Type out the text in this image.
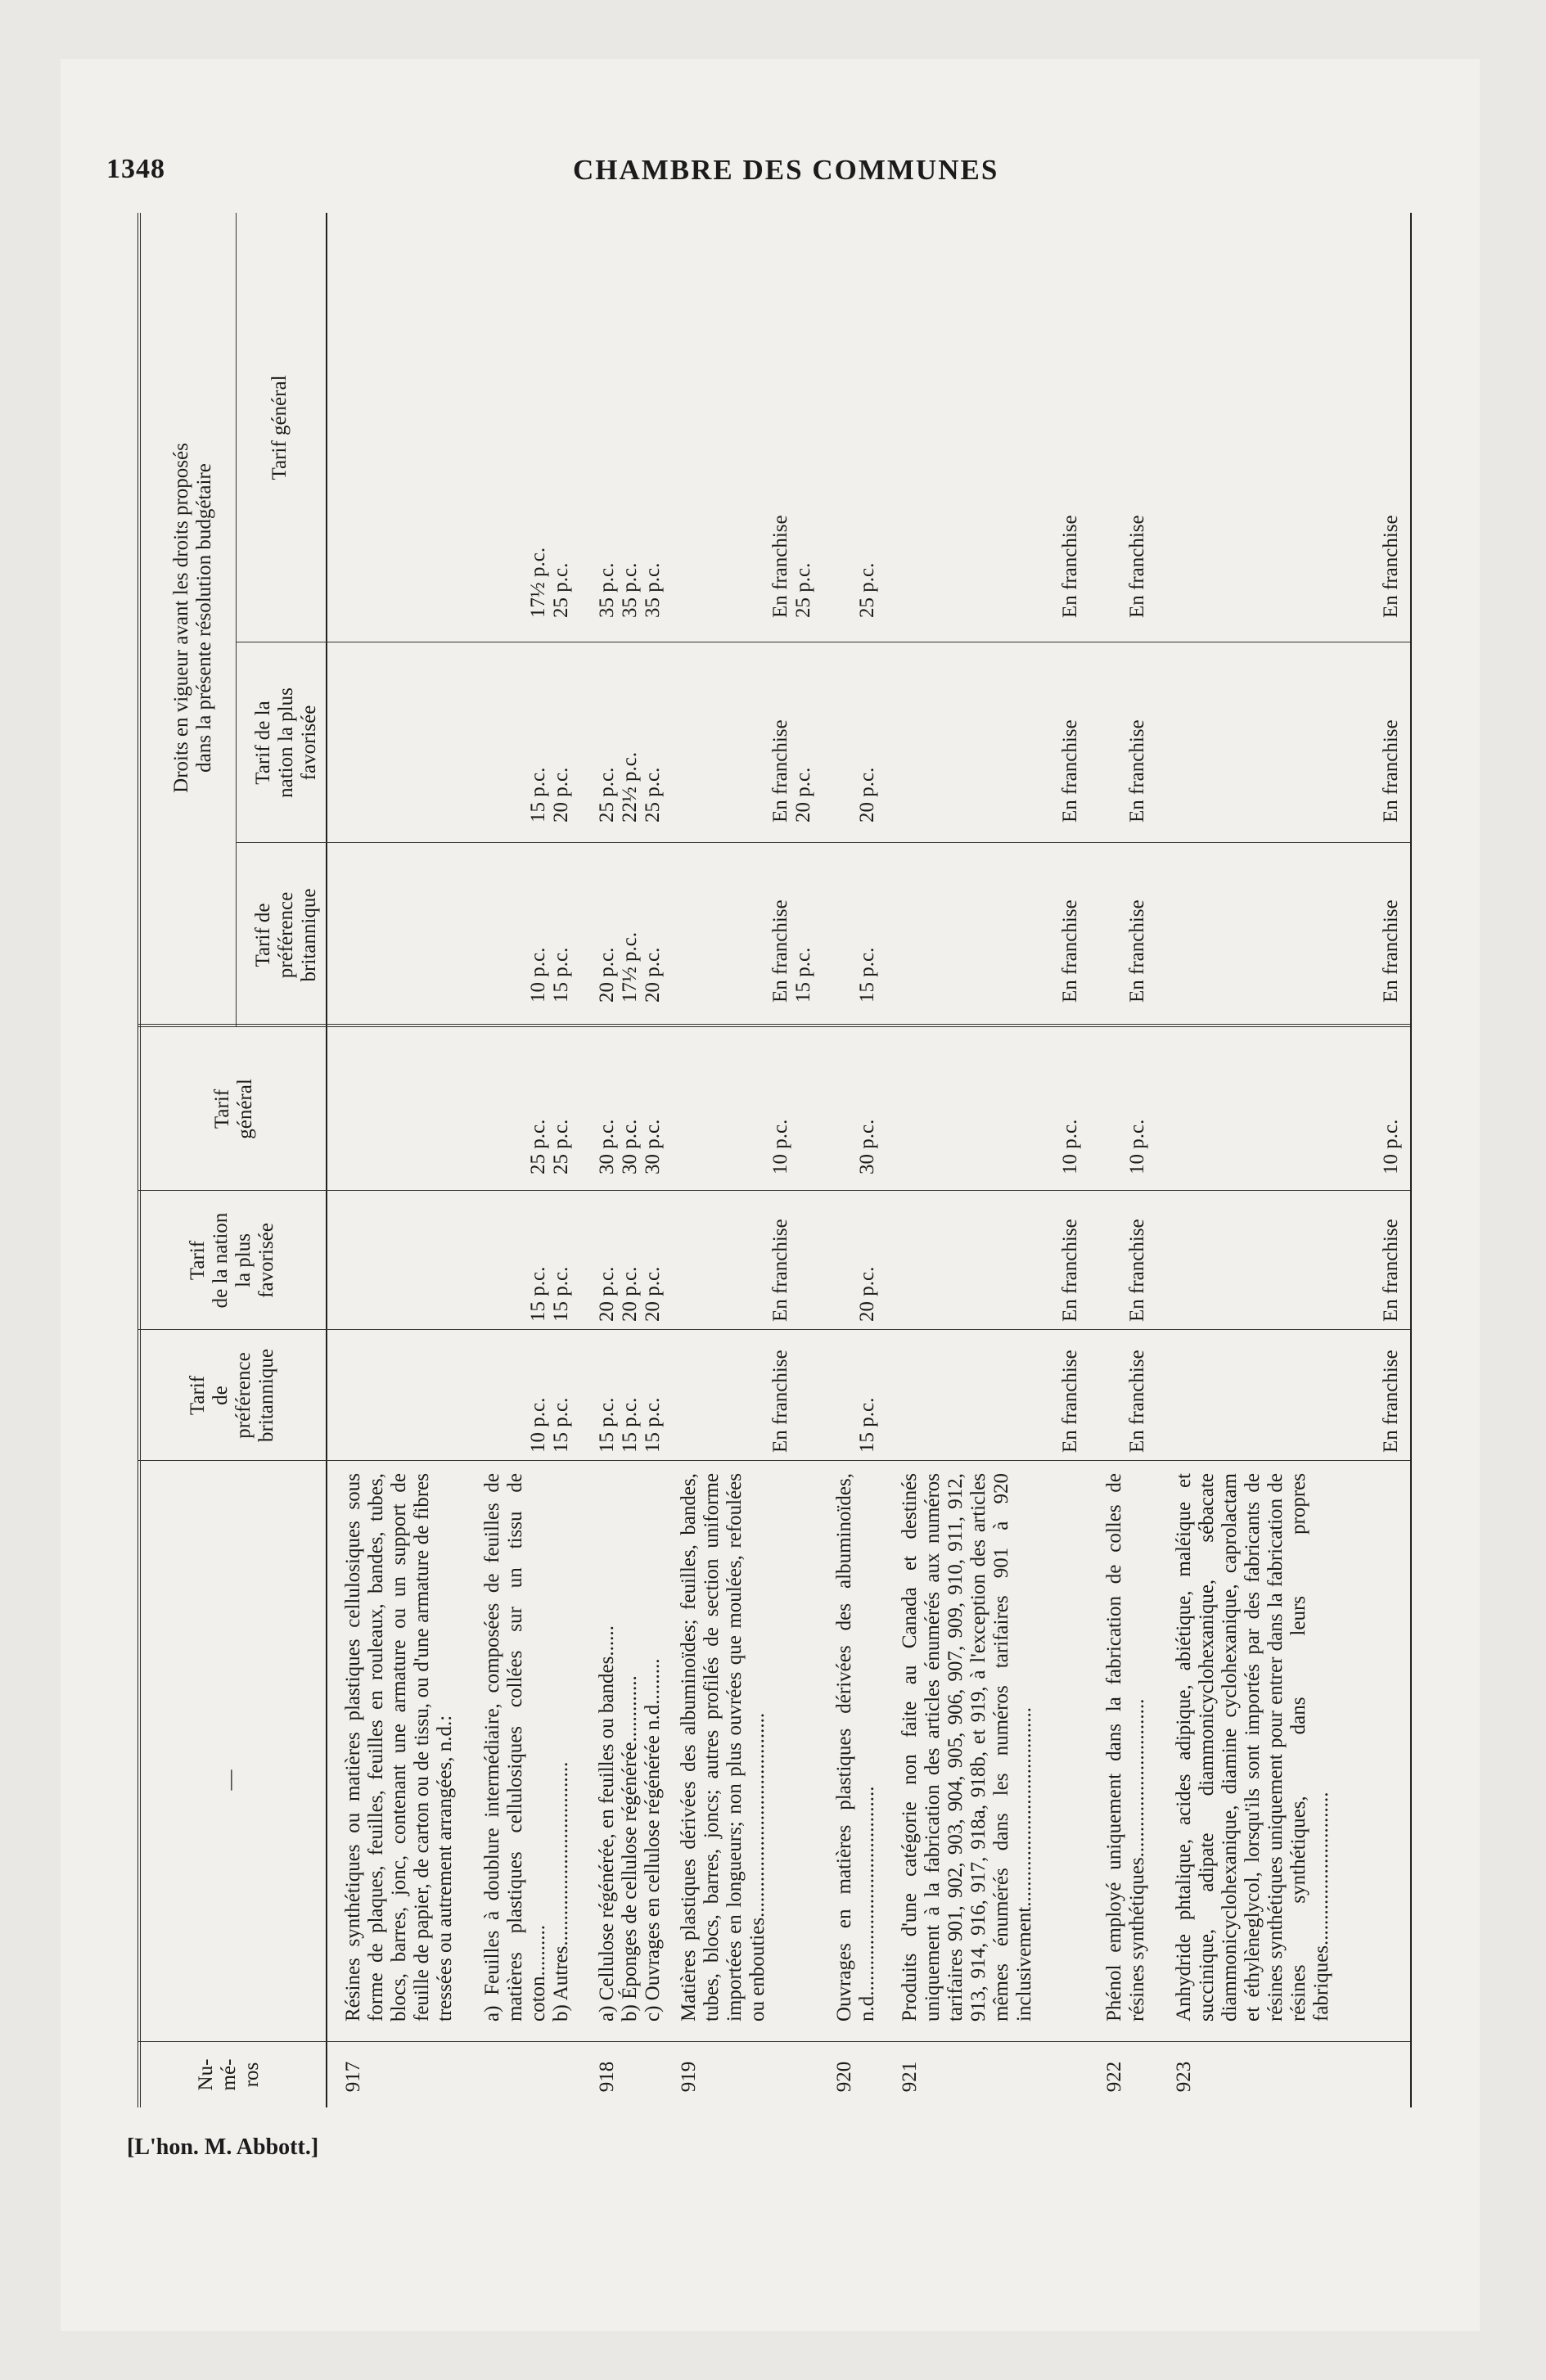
1348	CHAMBRE DES COMMUNES
Nu-
mé-
ros
—
Tarif
de
préférence
britannique
Tarif
de la nation
la plus
favorisée
Tarif
général
Droits en vigueur avant les droits proposés
dans la présente résolution budgétaire
Tarif de
préférence
britannique
Tarif de la
nation la plus
favorisée
Tarif général
917
Résines synthétiques ou matières plastiques cellulosiques sous forme de plaques, feuilles, feuilles en rouleaux, bandes, tubes, blocs, barres, jonc, contenant une armature ou un support de feuille de papier, de carton ou de tissu, ou d'une armature de fibres tressées ou autrement arrangées, n.d.: a) Feuilles à doublure intermédiaire, composées de feuilles de matières plastiques cellulosiques collées sur un tissu de coton..........
b) Autres....................................
10 p.c.
15 p.c.
15 p.c.
15 p.c.
25 p.c.
25 p.c.
10 p.c.
15 p.c.
15 p.c.
20 p.c.
17½ p.c.
25 p.c.
918
a) Cellulose régénérée, en feuilles ou bandes......
b) Éponges de cellulose régénérée.............
c) Ouvrages en cellulose régénérée n.d.........
15 p.c.
15 p.c.
15 p.c.
20 p.c.
20 p.c.
20 p.c.
30 p.c.
30 p.c.
30 p.c.
20 p.c.
17½ p.c.
20 p.c.
25 p.c.
22½ p.c.
25 p.c.
35 p.c.
35 p.c.
35 p.c.
919
Matières plastiques dérivées des albuminoïdes; feuilles, bandes, tubes, blocs, barres, joncs; autres profilés de section uniforme importées en longueurs; non plus ouvrées que moulées, refoulées ou enbouties........................................
En franchise
En franchise
10 p.c.
En franchise
15 p.c.
En franchise
20 p.c.
En franchise
25 p.c.
920
Ouvrages en matières plastiques dérivées des albuminoïdes, n.d.........................................
15 p.c.
20 p.c.
30 p.c.
15 p.c.
20 p.c.
25 p.c.
921
Produits d'une catégorie non faite au Canada et destinés uniquement à la fabrication des articles énumérés aux numéros tarifaires 901, 902, 903, 904, 905, 906, 907, 909, 910, 911, 912, 913, 914, 916, 917, 918a, 918b, et 919, à l'exception des articles mêmes énumérés dans les numéros tarifaires 901 à 920 inclusivement.......................................
En franchise
En franchise
10 p.c.
En franchise
En franchise
En franchise
922
Phénol employé uniquement dans la fabrication de colles de résines synthétiques...............................
En franchise
En franchise
10 p.c.
En franchise
En franchise
En franchise
923
Anhydride phtalique, acides adipique, abiétique, maléique et succinique, adipate diammonicyclohexanique, sébacate diammonicyclohexanique, diamine cyclohexanique, caprolactam et éthylèneglycol, lorsqu'ils sont importés par des fabricants de résines synthétiques uniquement pour entrer dans la fabrication de résines synthétiques, dans leurs propres fabriques..............................
En franchise
En franchise
10 p.c.
En franchise
En franchise
En franchise
[L'hon. M. Abbott.]
